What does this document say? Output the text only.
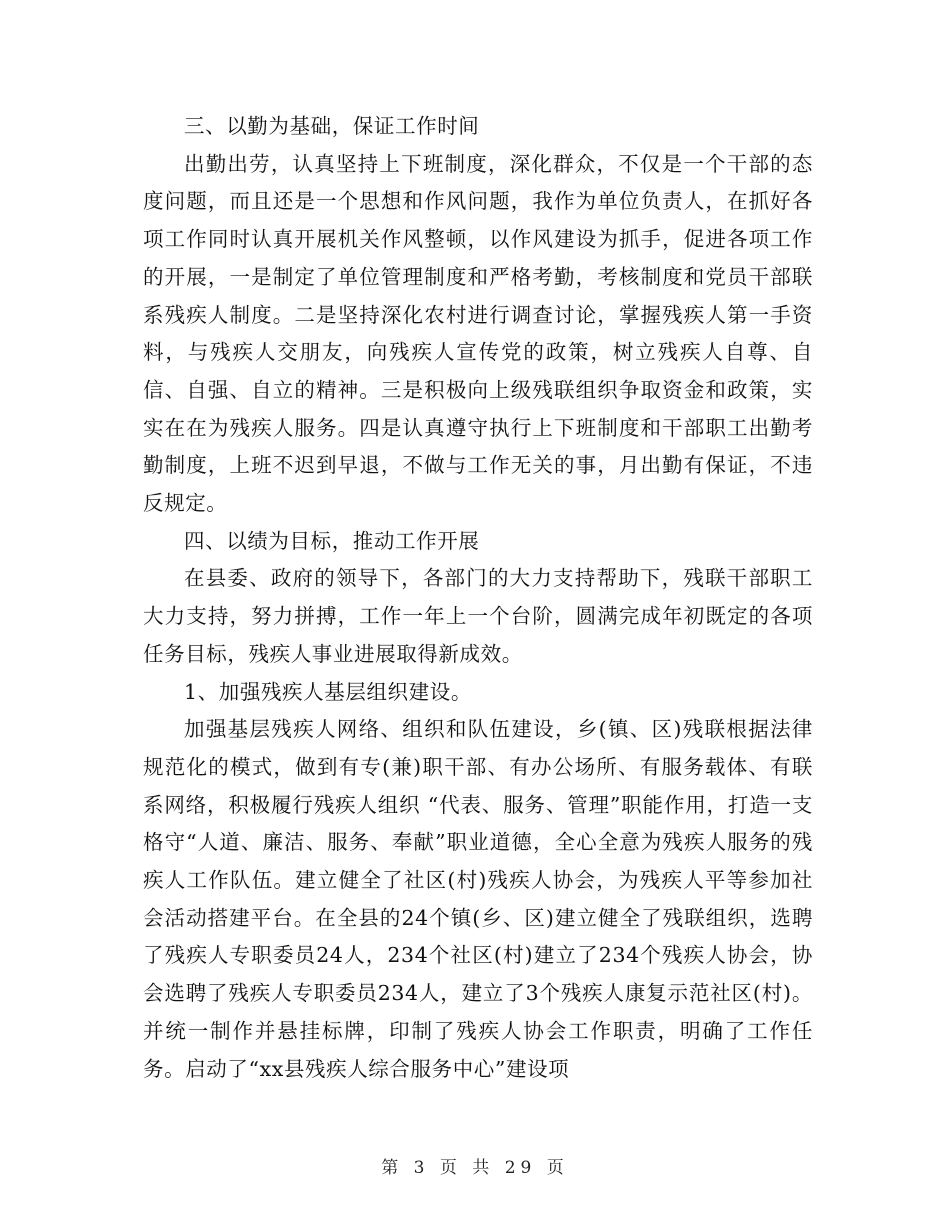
三、以勤为基础，保证工作时间

出勤出劳，认真坚持上下班制度，深化群众，不仅是一个干部的态度问题，而且还是一个思想和作风问题，我作为单位负责人，在抓好各项工作同时认真开展机关作风整顿，以作风建设为抓手，促进各项工作的开展，一是制定了单位管理制度和严格考勤，考核制度和党员干部联系残疾人制度。二是坚持深化农村进行调查讨论，掌握残疾人第一手资料，与残疾人交朋友，向残疾人宣传党的政策，树立残疾人自尊、自信、自强、自立的精神。三是积极向上级残联组织争取资金和政策，实实在在为残疾人服务。四是认真遵守执行上下班制度和干部职工出勤考勤制度，上班不迟到早退，不做与工作无关的事，月出勤有保证，不违反规定。

四、以绩为目标，推动工作开展

在县委、政府的领导下，各部门的大力支持帮助下，残联干部职工大力支持，努力拼搏，工作一年上一个台阶，圆满完成年初既定的各项任务目标，残疾人事业进展取得新成效。

1、加强残疾人基层组织建设。

加强基层残疾人网络、组织和队伍建设，乡(镇、区)残联根据法律规范化的模式，做到有专(兼)职干部、有办公场所、有服务载体、有联系网络，积极履行残疾人组织 “代表、服务、管理”职能作用，打造一支格守“人道、廉洁、服务、奉献”职业道德，全心全意为残疾人服务的残疾人工作队伍。建立健全了社区(村)残疾人协会，为残疾人平等参加社会活动搭建平台。在全县的24个镇(乡、区)建立健全了残联组织，选聘了残疾人专职委员24人，234个社区(村)建立了234个残疾人协会，协会选聘了残疾人专职委员234人，建立了3个残疾人康复示范社区(村)。并统一制作并悬挂标牌，印制了残疾人协会工作职责，明确了工作任务。启动了“xx县残疾人综合服务中心”建设项

第 3 页 共 29 页
